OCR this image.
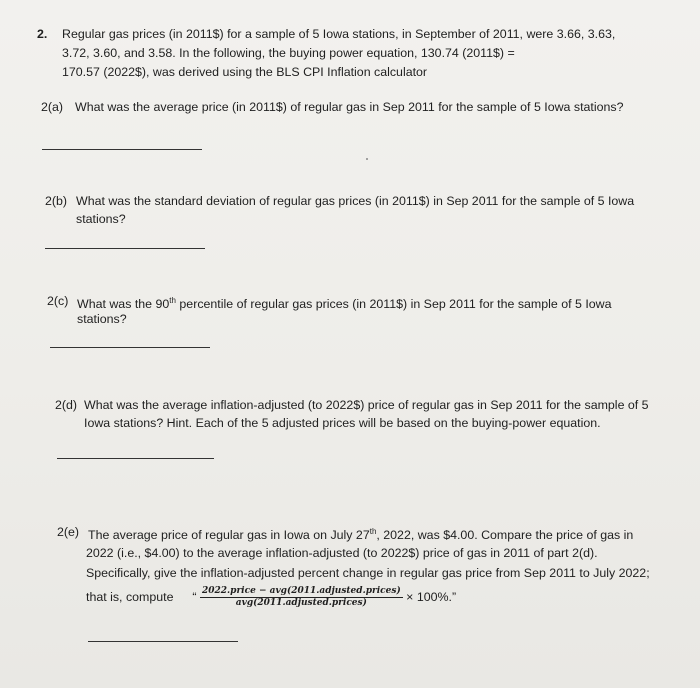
2. Regular gas prices (in 2011$) for a sample of 5 Iowa stations, in September of 2011, were 3.66, 3.63,
3.72, 3.60, and 3.58. In the following, the buying power equation, 130.74 (2011$) =
170.57 (2022$), was derived using the BLS CPI Inflation calculator
2(a) What was the average price (in 2011$) of regular gas in Sep 2011 for the sample of 5 Iowa stations?
2(b) What was the standard deviation of regular gas prices (in 2011$) in Sep 2011 for the sample of 5 Iowa
stations?
2(c) What was the 90th percentile of regular gas prices (in 2011$) in Sep 2011 for the sample of 5 Iowa
stations?
2(d) What was the average inflation-adjusted (to 2022$) price of regular gas in Sep 2011 for the sample of 5
Iowa stations? Hint. Each of the 5 adjusted prices will be based on the buying-power equation.
2(e) The average price of regular gas in Iowa on July 27th, 2022, was $4.00. Compare the price of gas in
2022 (i.e., $4.00) to the average inflation-adjusted (to 2022$) price of gas in 2011 of part 2(d).
Specifically, give the inflation-adjusted percent change in regular gas price from Sep 2011 to July 2022;
that is, compute “ $\frac{\text{2022.price − avg(2011.adjusted.prices)}}{\text{avg(2011.adjusted.prices)}} \times 100\%$.”
